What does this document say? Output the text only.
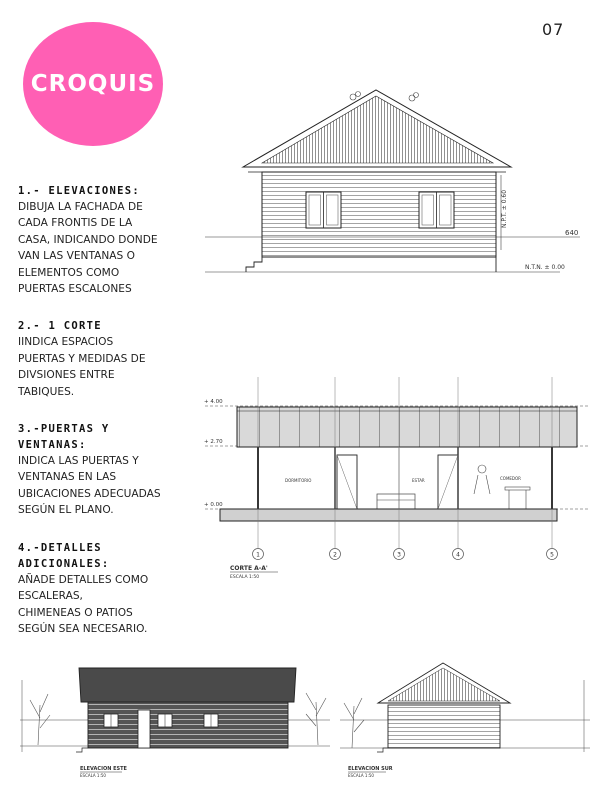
07
CROQUIS
1.- ELEVACIONES:
DIBUJA LA FACHADA DE
CADA FRONTIS DE LA
CASA, INDICANDO DONDE
VAN LAS VENTANAS O
ELEMENTOS COMO
PUERTAS ESCALONES
2.- 1 CORTE
IINDICA ESPACIOS
PUERTAS Y MEDIDAS DE
DIVSIONES ENTRE
TABIQUES.
3.-PUERTAS Y
VENTANAS:
INDICA LAS PUERTAS Y
VENTANAS EN LAS
UBICACIONES ADECUADAS
SEGÚN EL PLANO.
4.-DETALLES
ADICIONALES:
AÑADE DETALLES COMO
ESCALERAS,
CHIMENEAS O PATIOS
SEGÚN SEA NECESARIO.
N.P.T. ± 0.60
640
N.T.N. ± 0.00
+ 4.00
+ 2.70
+ 0.00
DORMITORIO	ESTAR	COMEDOR
1	2	3	4	5
CORTE A-A'
ESCALA 1:50
ELEVACION ESTE
ESCALA 1:50
ELEVACION SUR
ESCALA 1:50
